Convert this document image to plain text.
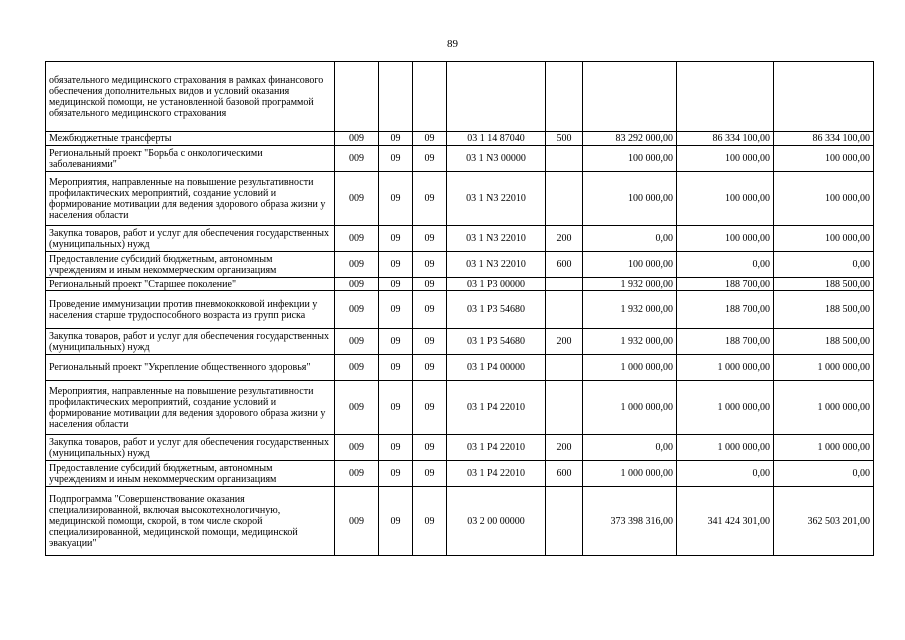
89
обязательного медицинского страхования в рамках финансового обеспечения дополнительных видов и условий оказания медицинской помощи, не установленной базовой программой обязательного медицинского страхования								
Межбюджетные трансферты	009	09	09	03 1 14 87040	500	83 292 000,00	86 334 100,00	86 334 100,00
Региональный проект "Борьба с онкологическими заболеваниями"	009	09	09	03 1 N3 00000		100 000,00	100 000,00	100 000,00
Мероприятия, направленные на повышение результативности профилактических мероприятий, создание условий и формирование мотивации для ведения здорового образа жизни у населения области	009	09	09	03 1 N3 22010		100 000,00	100 000,00	100 000,00
Закупка товаров, работ и услуг для обеспечения государственных (муниципальных) нужд	009	09	09	03 1 N3 22010	200	0,00	100 000,00	100 000,00
Предоставление субсидий бюджетным, автономным учреждениям и иным некоммерческим организациям	009	09	09	03 1 N3 22010	600	100 000,00	0,00	0,00
Региональный проект "Старшее поколение"	009	09	09	03 1 P3 00000		1 932 000,00	188 700,00	188 500,00
Проведение иммунизации против пневмококковой инфекции у населения старше трудоспособного возраста из групп риска	009	09	09	03 1 P3 54680		1 932 000,00	188 700,00	188 500,00
Закупка товаров, работ и услуг для обеспечения государственных (муниципальных) нужд	009	09	09	03 1 P3 54680	200	1 932 000,00	188 700,00	188 500,00
Региональный проект "Укрепление общественного здоровья"	009	09	09	03 1 P4 00000		1 000 000,00	1 000 000,00	1 000 000,00
Мероприятия, направленные на повышение результативности профилактических мероприятий, создание условий и формирование мотивации для ведения здорового образа жизни у населения области	009	09	09	03 1 P4 22010		1 000 000,00	1 000 000,00	1 000 000,00
Закупка товаров, работ и услуг для обеспечения государственных (муниципальных) нужд	009	09	09	03 1 P4 22010	200	0,00	1 000 000,00	1 000 000,00
Предоставление субсидий бюджетным, автономным учреждениям и иным некоммерческим организациям	009	09	09	03 1 P4 22010	600	1 000 000,00	0,00	0,00
Подпрограмма "Совершенствование оказания специализированной, включая высокотехнологичную, медицинской помощи, скорой, в том числе скорой специализированной, медицинской помощи, медицинской эвакуации"	009	09	09	03 2 00 00000		373 398 316,00	341 424 301,00	362 503 201,00
